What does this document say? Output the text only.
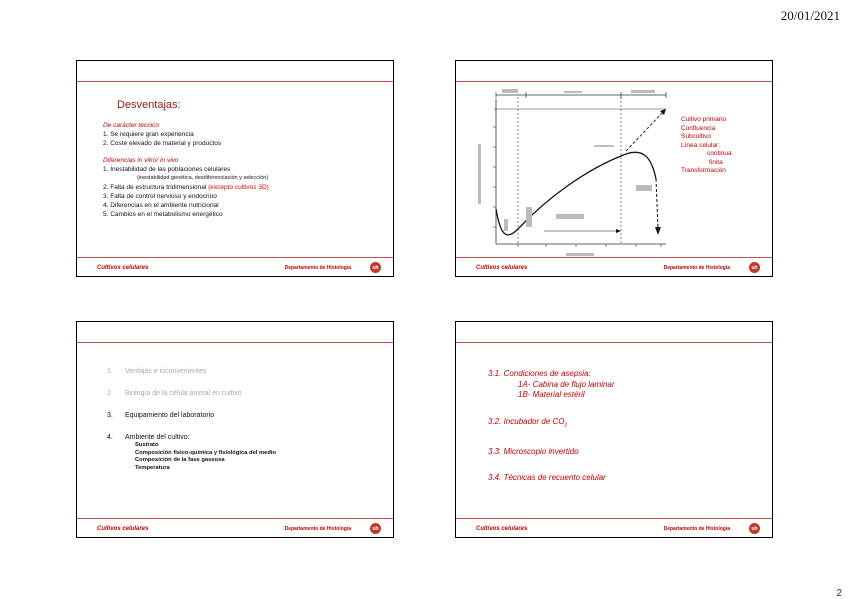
20/01/2021
Desventajas:
De carácter técnico
1. Se requiere gran experiencia
2. Coste elevado de material y productos
Diferencias in vitro/ in vivo
1. Inestabilidad de las poblaciones celulares
(inestabilidad genética, desdiferenciación y selección)
2. Falta de estructura tridimensional (excepto cultivos 3D)
3. Falta de control nervioso y endocrino
4. Diferencias en el ambiente nutricional
5. Cambios en el metabolismo energético
Cultivos celulares	Departamento de Histología	uh
Cultivo primario
Confluencia
Subcultivo
Línea celular:
continua
finita
Transformación
Cultivos celulares	Departamento de Histología	uh
1.	Ventajas e inconvenientes
2.	Biología de la célula animal en cultivo
3.	Equipamiento del laboratorio
4.	Ambiente del cultivo:
Sustrato
Composición físico-química y fisiológica del medio
Composición de la fase gaseosa
Temperatura
Cultivos celulares	Departamento de Histología	uh
3.1. Condiciones de asepsia:
1A- Cabina de flujo laminar
1B- Material estéril
3.2. Incubador de $CO_2$
3.3. Microscopio invertido
3.4. Técnicas de recuento celular
Cultivos celulares	Departamento de Histología	uh
2
